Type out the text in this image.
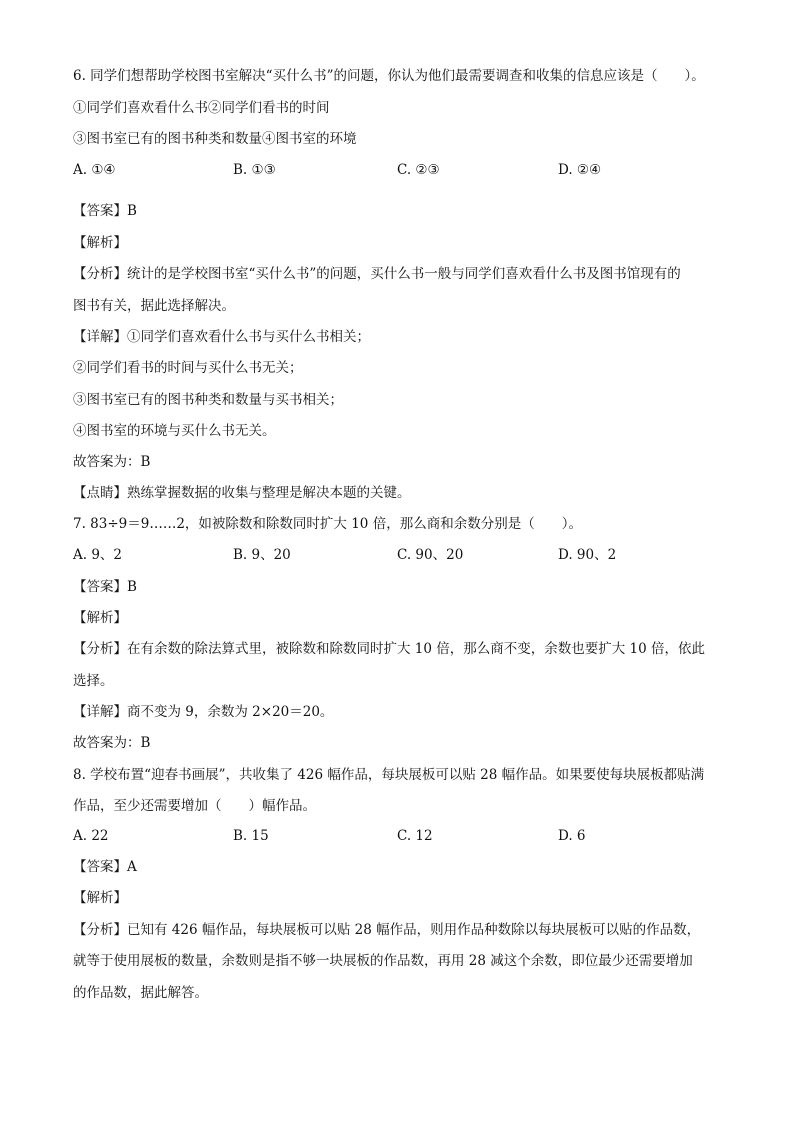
6. 同学们想帮助学校图书室解决“买什么书”的问题，你认为他们最需要调查和收集的信息应该是（　　）。
①同学们喜欢看什么书②同学们看书的时间
③图书室已有的图书种类和数量④图书室的环境
A. ①④	B. ①③	C. ②③	D. ②④
【答案】B
【解析】
【分析】统计的是学校图书室“买什么书”的问题，买什么书一般与同学们喜欢看什么书及图书馆现有的
图书有关，据此选择解决。
【详解】①同学们喜欢看什么书与买什么书相关；
②同学们看书的时间与买什么书无关；
③图书室已有的图书种类和数量与买书相关；
④图书室的环境与买什么书无关。
故答案为：B
【点睛】熟练掌握数据的收集与整理是解决本题的关键。
7. 83÷9＝9……2，如被除数和除数同时扩大 10 倍，那么商和余数分别是（　　）。
A. 9、2	B. 9、20	C. 90、20	D. 90、2
【答案】B
【解析】
【分析】在有余数的除法算式里，被除数和除数同时扩大 10 倍，那么商不变，余数也要扩大 10 倍，依此
选择。
【详解】商不变为 9，余数为 2×20＝20。
故答案为：B
8. 学校布置“迎春书画展”，共收集了 426 幅作品，每块展板可以贴 28 幅作品。如果要使每块展板都贴满
作品，至少还需要增加（　　）幅作品。
A. 22	B. 15	C. 12	D. 6
【答案】A
【解析】
【分析】已知有 426 幅作品，每块展板可以贴 28 幅作品，则用作品种数除以每块展板可以贴的作品数，
就等于使用展板的数量，余数则是指不够一块展板的作品数，再用 28 减这个余数，即位最少还需要增加
的作品数，据此解答。
